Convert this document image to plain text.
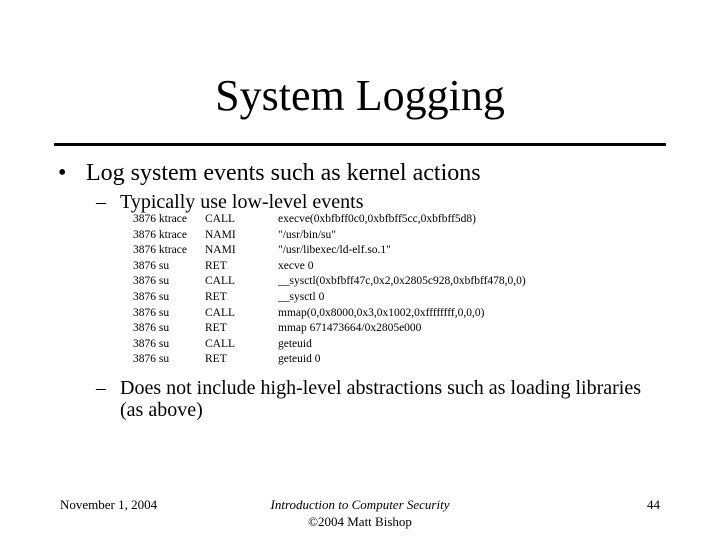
System Logging
• Log system events such as kernel actions
– Typically use low-level events
3876 ktrace CALL	execve(0xbfbff0c0,0xbfbff5cc,0xbfbff5d8)
3876 ktrace NAMI	"/usr/bin/su"
3876 ktrace NAMI	"/usr/libexec/ld-elf.so.1"
3876 su	RET	xecve 0
3876 su	CALL	__sysctl(0xbfbff47c,0x2,0x2805c928,0xbfbff478,0,0)
3876 su	RET	__sysctl 0
3876 su	CALL	mmap(0,0x8000,0x3,0x1002,0xffffffff,0,0,0)
3876 su	RET	mmap 671473664/0x2805e000
3876 su	CALL	geteuid
3876 su	RET	geteuid 0
– Does not include high-level abstractions such as loading libraries (as above)
November 1, 2004	Introduction to Computer Security
©2004 Matt Bishop
44
